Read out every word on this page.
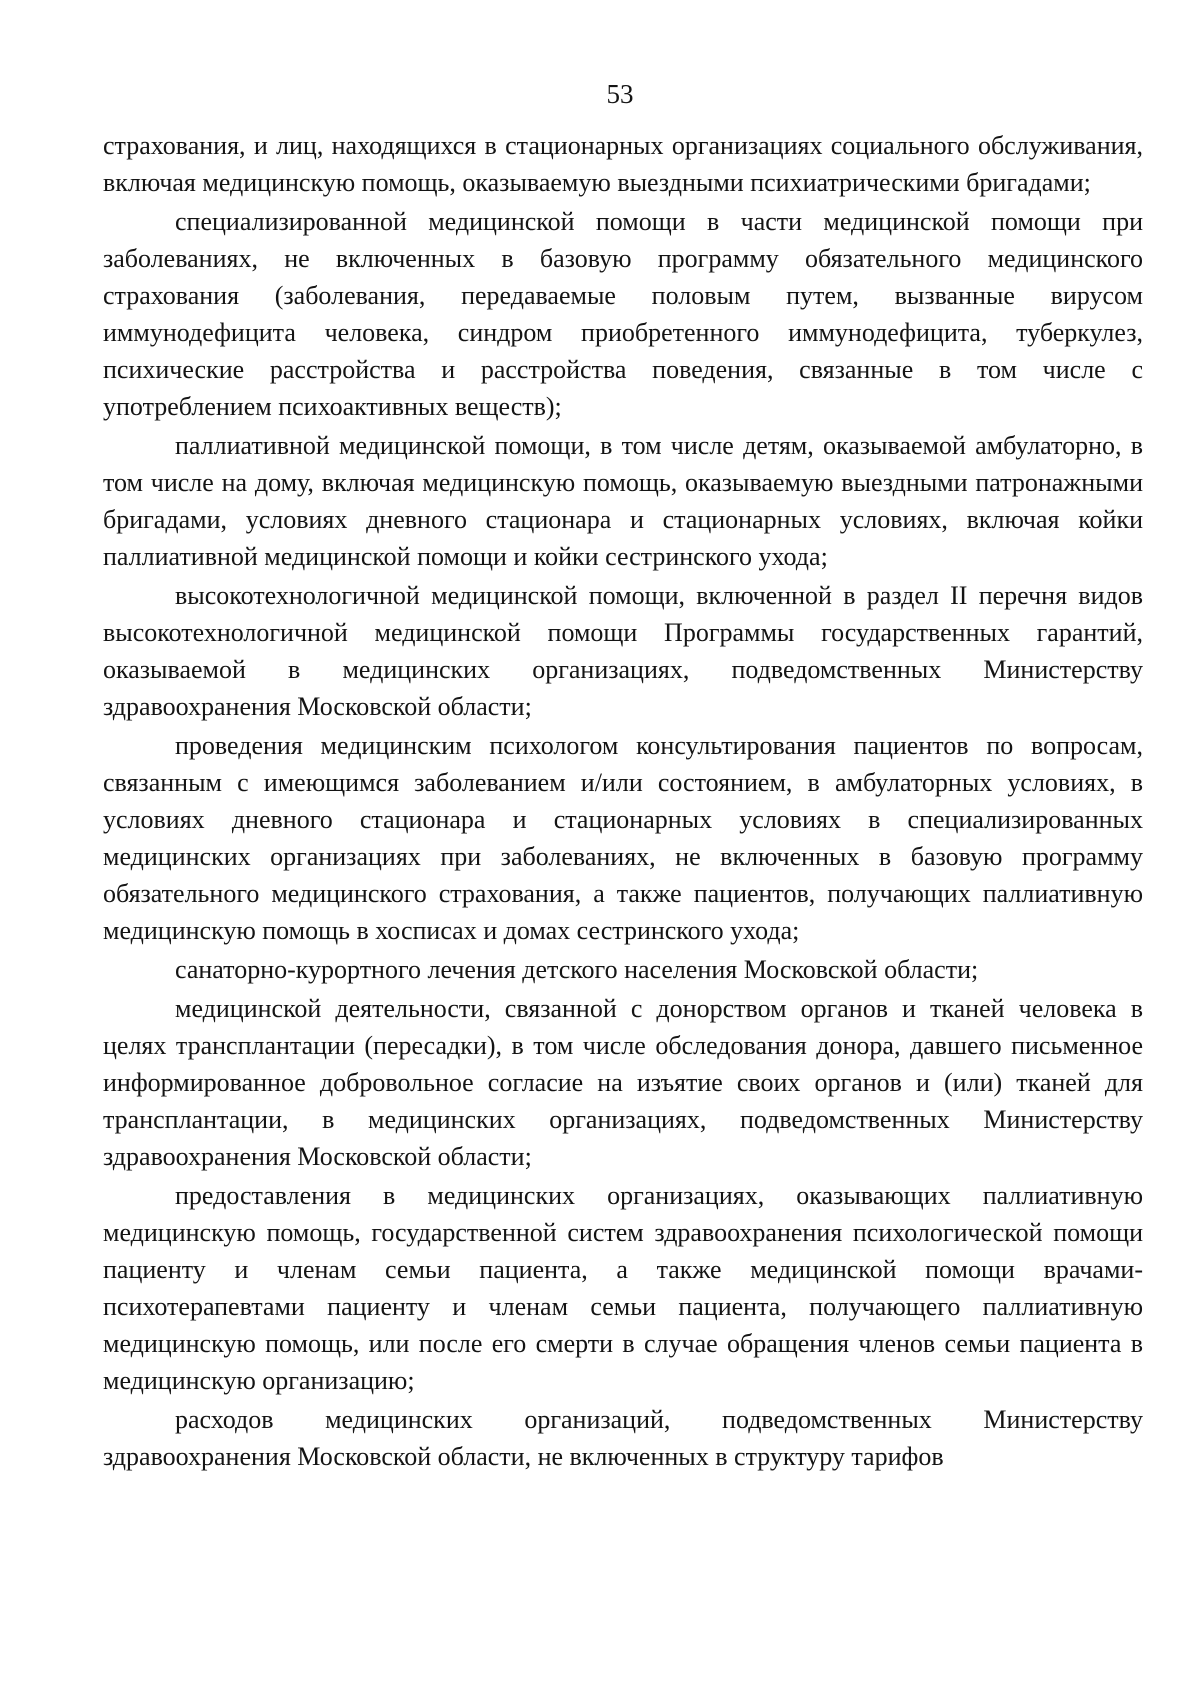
53

страхования, и лиц, находящихся в стационарных организациях социального обслуживания, включая медицинскую помощь, оказываемую выездными психиатрическими бригадами;

специализированной медицинской помощи в части медицинской помощи при заболеваниях, не включенных в базовую программу обязательного медицинского страхования (заболевания, передаваемые половым путем, вызванные вирусом иммунодефицита человека, синдром приобретенного иммунодефицита, туберкулез, психические расстройства и расстройства поведения, связанные в том числе с употреблением психоактивных веществ);

паллиативной медицинской помощи, в том числе детям, оказываемой амбулаторно, в том числе на дому, включая медицинскую помощь, оказываемую выездными патронажными бригадами, условиях дневного стационара и стационарных условиях, включая койки паллиативной медицинской помощи и койки сестринского ухода;

высокотехнологичной медицинской помощи, включенной в раздел II перечня видов высокотехнологичной медицинской помощи Программы государственных гарантий, оказываемой в медицинских организациях, подведомственных Министерству здравоохранения Московской области;

проведения медицинским психологом консультирования пациентов по вопросам, связанным с имеющимся заболеванием и/или состоянием, в амбулаторных условиях, в условиях дневного стационара и стационарных условиях в специализированных медицинских организациях при заболеваниях, не включенных в базовую программу обязательного медицинского страхования, а также пациентов, получающих паллиативную медицинскую помощь в хосписах и домах сестринского ухода;

санаторно-курортного лечения детского населения Московской области;

медицинской деятельности, связанной с донорством органов и тканей человека в целях трансплантации (пересадки), в том числе обследования донора, давшего письменное информированное добровольное согласие на изъятие своих органов и (или) тканей для трансплантации, в медицинских организациях, подведомственных Министерству здравоохранения Московской области;

предоставления в медицинских организациях, оказывающих паллиативную медицинскую помощь, государственной систем здравоохранения психологической помощи пациенту и членам семьи пациента, а также медицинской помощи врачами-психотерапевтами пациенту и членам семьи пациента, получающего паллиативную медицинскую помощь, или после его смерти в случае обращения членов семьи пациента в медицинскую организацию;

расходов медицинских организаций, подведомственных Министерству здравоохранения Московской области, не включенных в структуру тарифов
